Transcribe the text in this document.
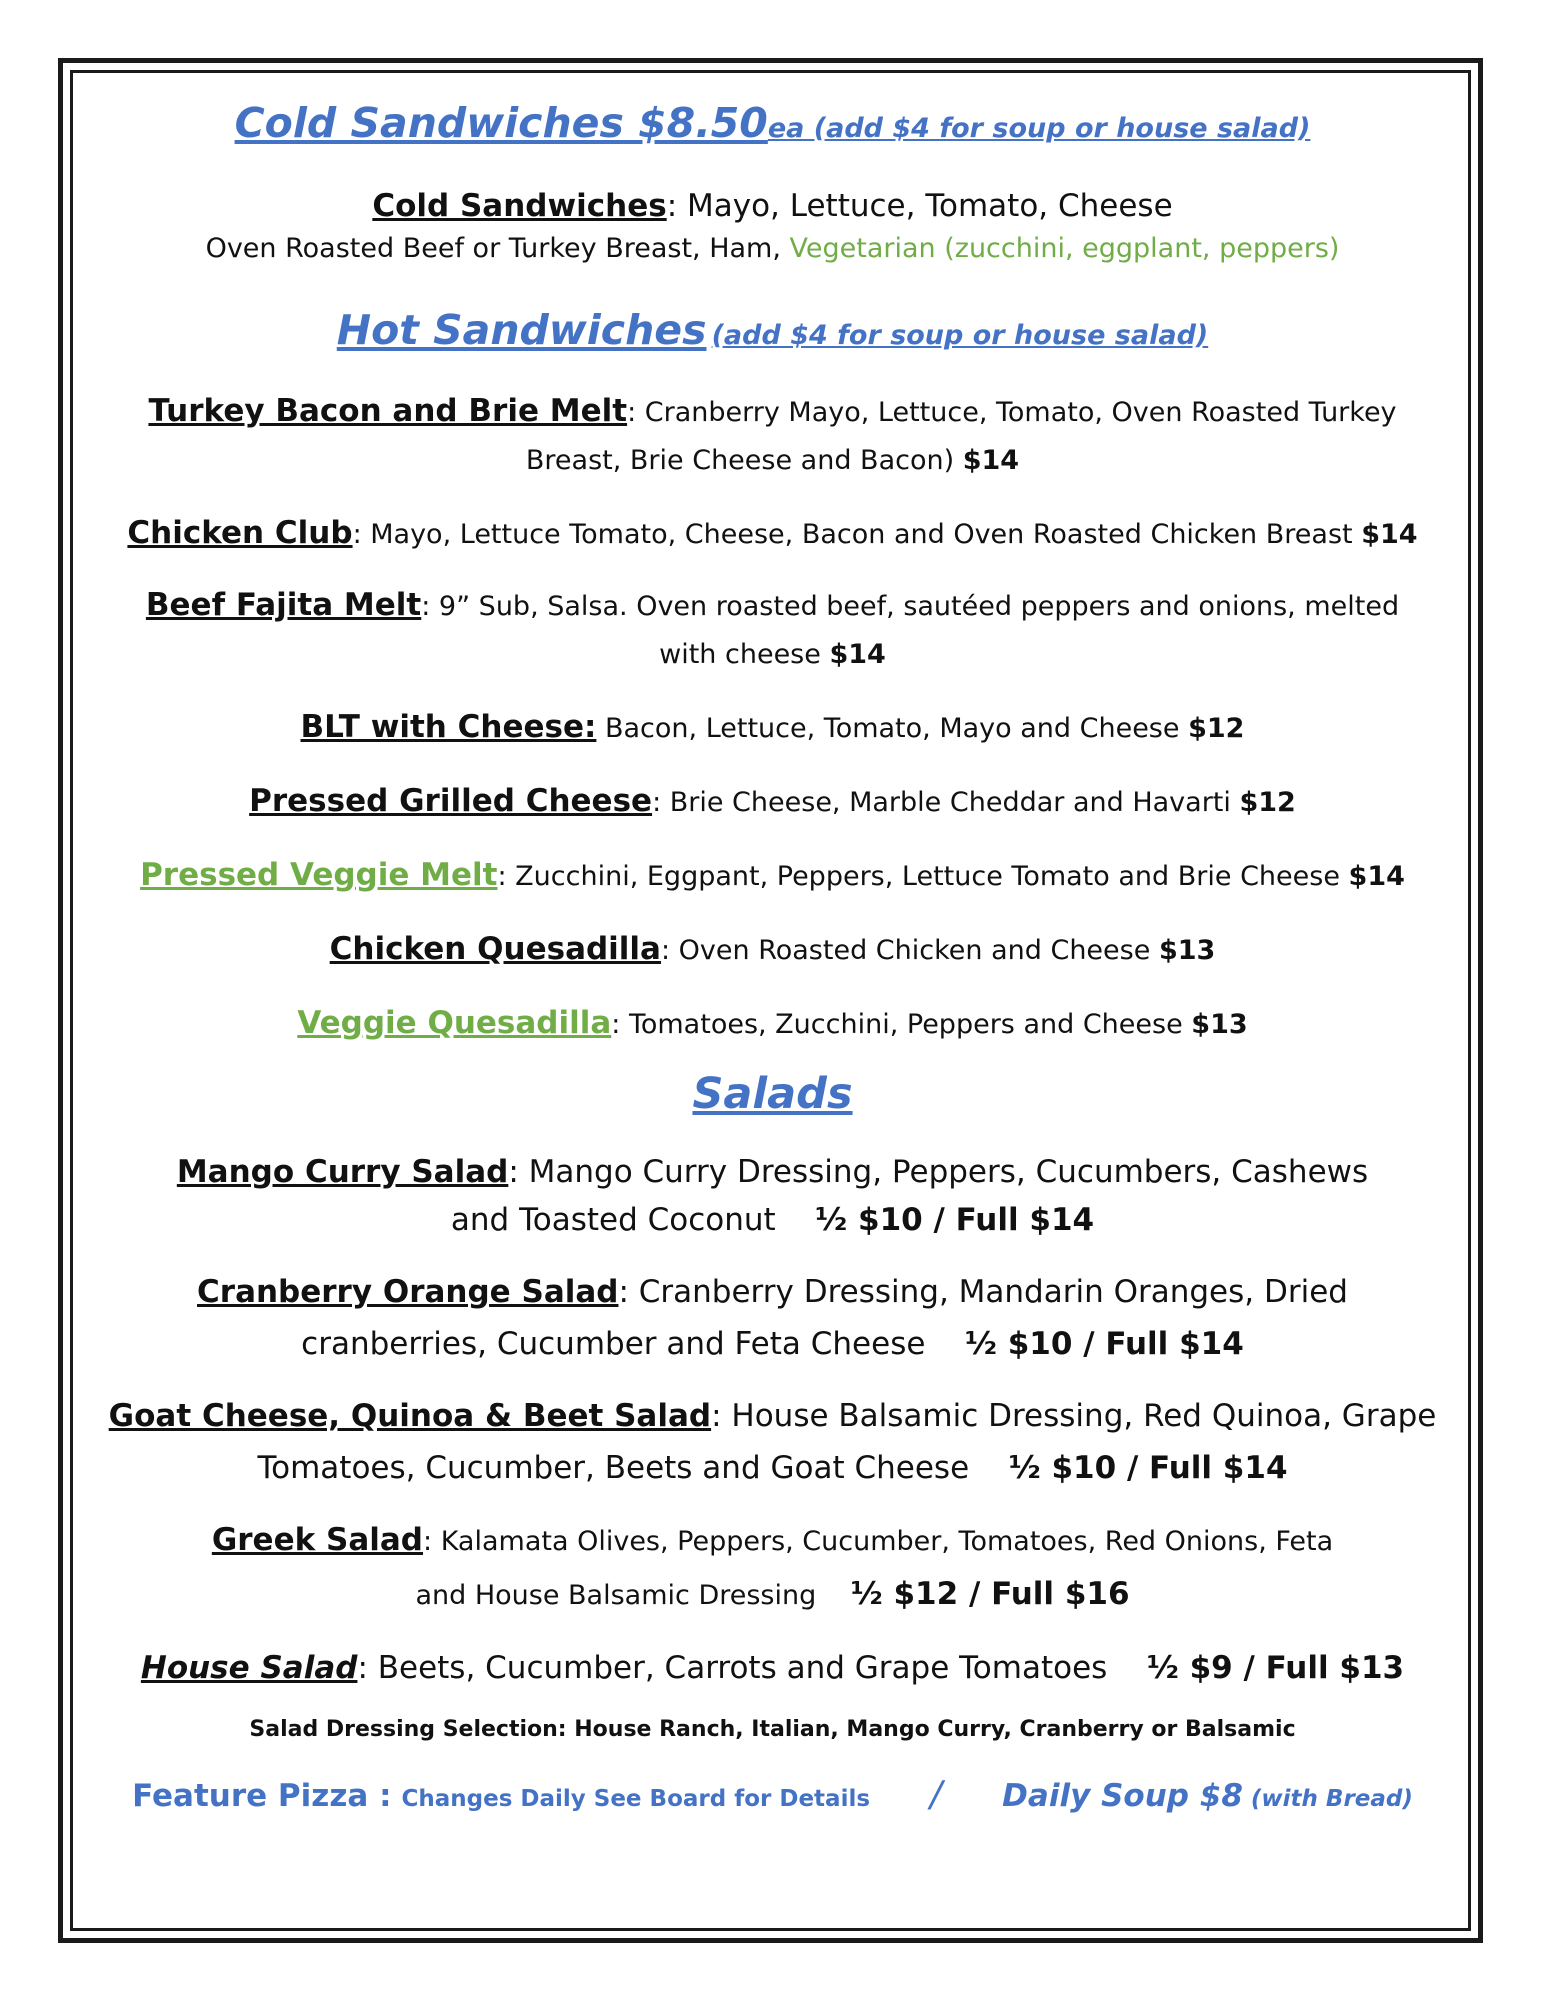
Cold Sandwiches $8.50ea (add $4 for soup or house salad)
Cold Sandwiches: Mayo, Lettuce, Tomato, Cheese
Oven Roasted Beef or Turkey Breast, Ham, Vegetarian (zucchini, eggplant, peppers)
Hot Sandwiches (add $4 for soup or house salad)
Turkey Bacon and Brie Melt: Cranberry Mayo, Lettuce, Tomato, Oven Roasted Turkey
Breast, Brie Cheese and Bacon) $14
Chicken Club: Mayo, Lettuce Tomato, Cheese, Bacon and Oven Roasted Chicken Breast $14
Beef Fajita Melt: 9” Sub, Salsa. Oven roasted beef, sautéed peppers and onions, melted
with cheese $14
BLT with Cheese: Bacon, Lettuce, Tomato, Mayo and Cheese $12
Pressed Grilled Cheese: Brie Cheese, Marble Cheddar and Havarti $12
Pressed Veggie Melt: Zucchini, Eggpant, Peppers, Lettuce Tomato and Brie Cheese $14
Chicken Quesadilla: Oven Roasted Chicken and Cheese $13
Veggie Quesadilla: Tomatoes, Zucchini, Peppers and Cheese $13
Salads
Mango Curry Salad: Mango Curry Dressing, Peppers, Cucumbers, Cashews
and Toasted Coconut ½ $10 / Full $14
Cranberry Orange Salad: Cranberry Dressing, Mandarin Oranges, Dried
cranberries, Cucumber and Feta Cheese ½ $10 / Full $14
Goat Cheese, Quinoa & Beet Salad: House Balsamic Dressing, Red Quinoa, Grape
Tomatoes, Cucumber, Beets and Goat Cheese ½ $10 / Full $14
Greek Salad: Kalamata Olives, Peppers, Cucumber, Tomatoes, Red Onions, Feta
and House Balsamic Dressing ½ $12 / Full $16
House Salad: Beets, Cucumber, Carrots and Grape Tomatoes ½ $9 / Full $13
Salad Dressing Selection: House Ranch, Italian, Mango Curry, Cranberry or Balsamic
Feature Pizza : Changes Daily See Board for Details / Daily Soup $8 (with Bread)
